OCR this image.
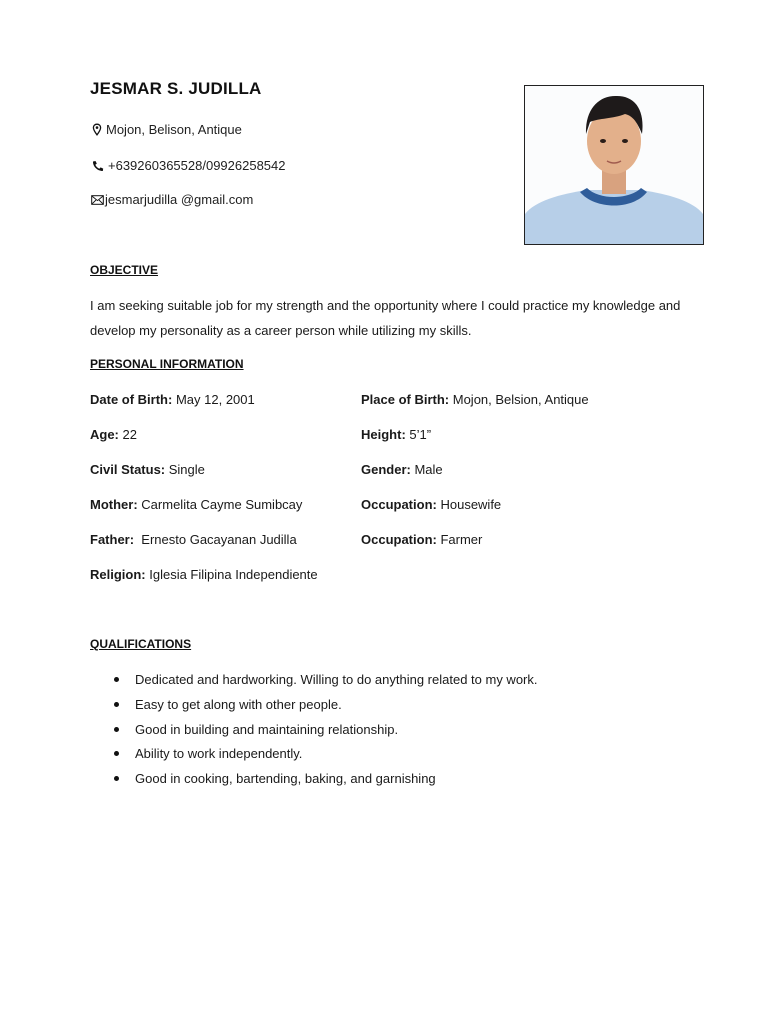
JESMAR S. JUDILLA
Mojon, Belison, Antique
+639260365528/09926258542
jesmarjudilla @gmail.com
OBJECTIVE
I am seeking suitable job for my strength and the opportunity where I could practice my knowledge and develop my personality as a career person while utilizing my skills.
PERSONAL INFORMATION
Date of Birth: May 12, 2001	Place of Birth: Mojon, Belsion, Antique
Age: 22	Height: 5’1”
Civil Status: Single	Gender: Male
Mother: Carmelita Cayme Sumibcay	Occupation: Housewife
Father:  Ernesto Gacayanan Judilla	Occupation: Farmer
Religion: Iglesia Filipina Independiente
QUALIFICATIONS
Dedicated and hardworking. Willing to do anything related to my work.
Easy to get along with other people.
Good in building and maintaining relationship.
Ability to work independently.
Good in cooking, bartending, baking, and garnishing
